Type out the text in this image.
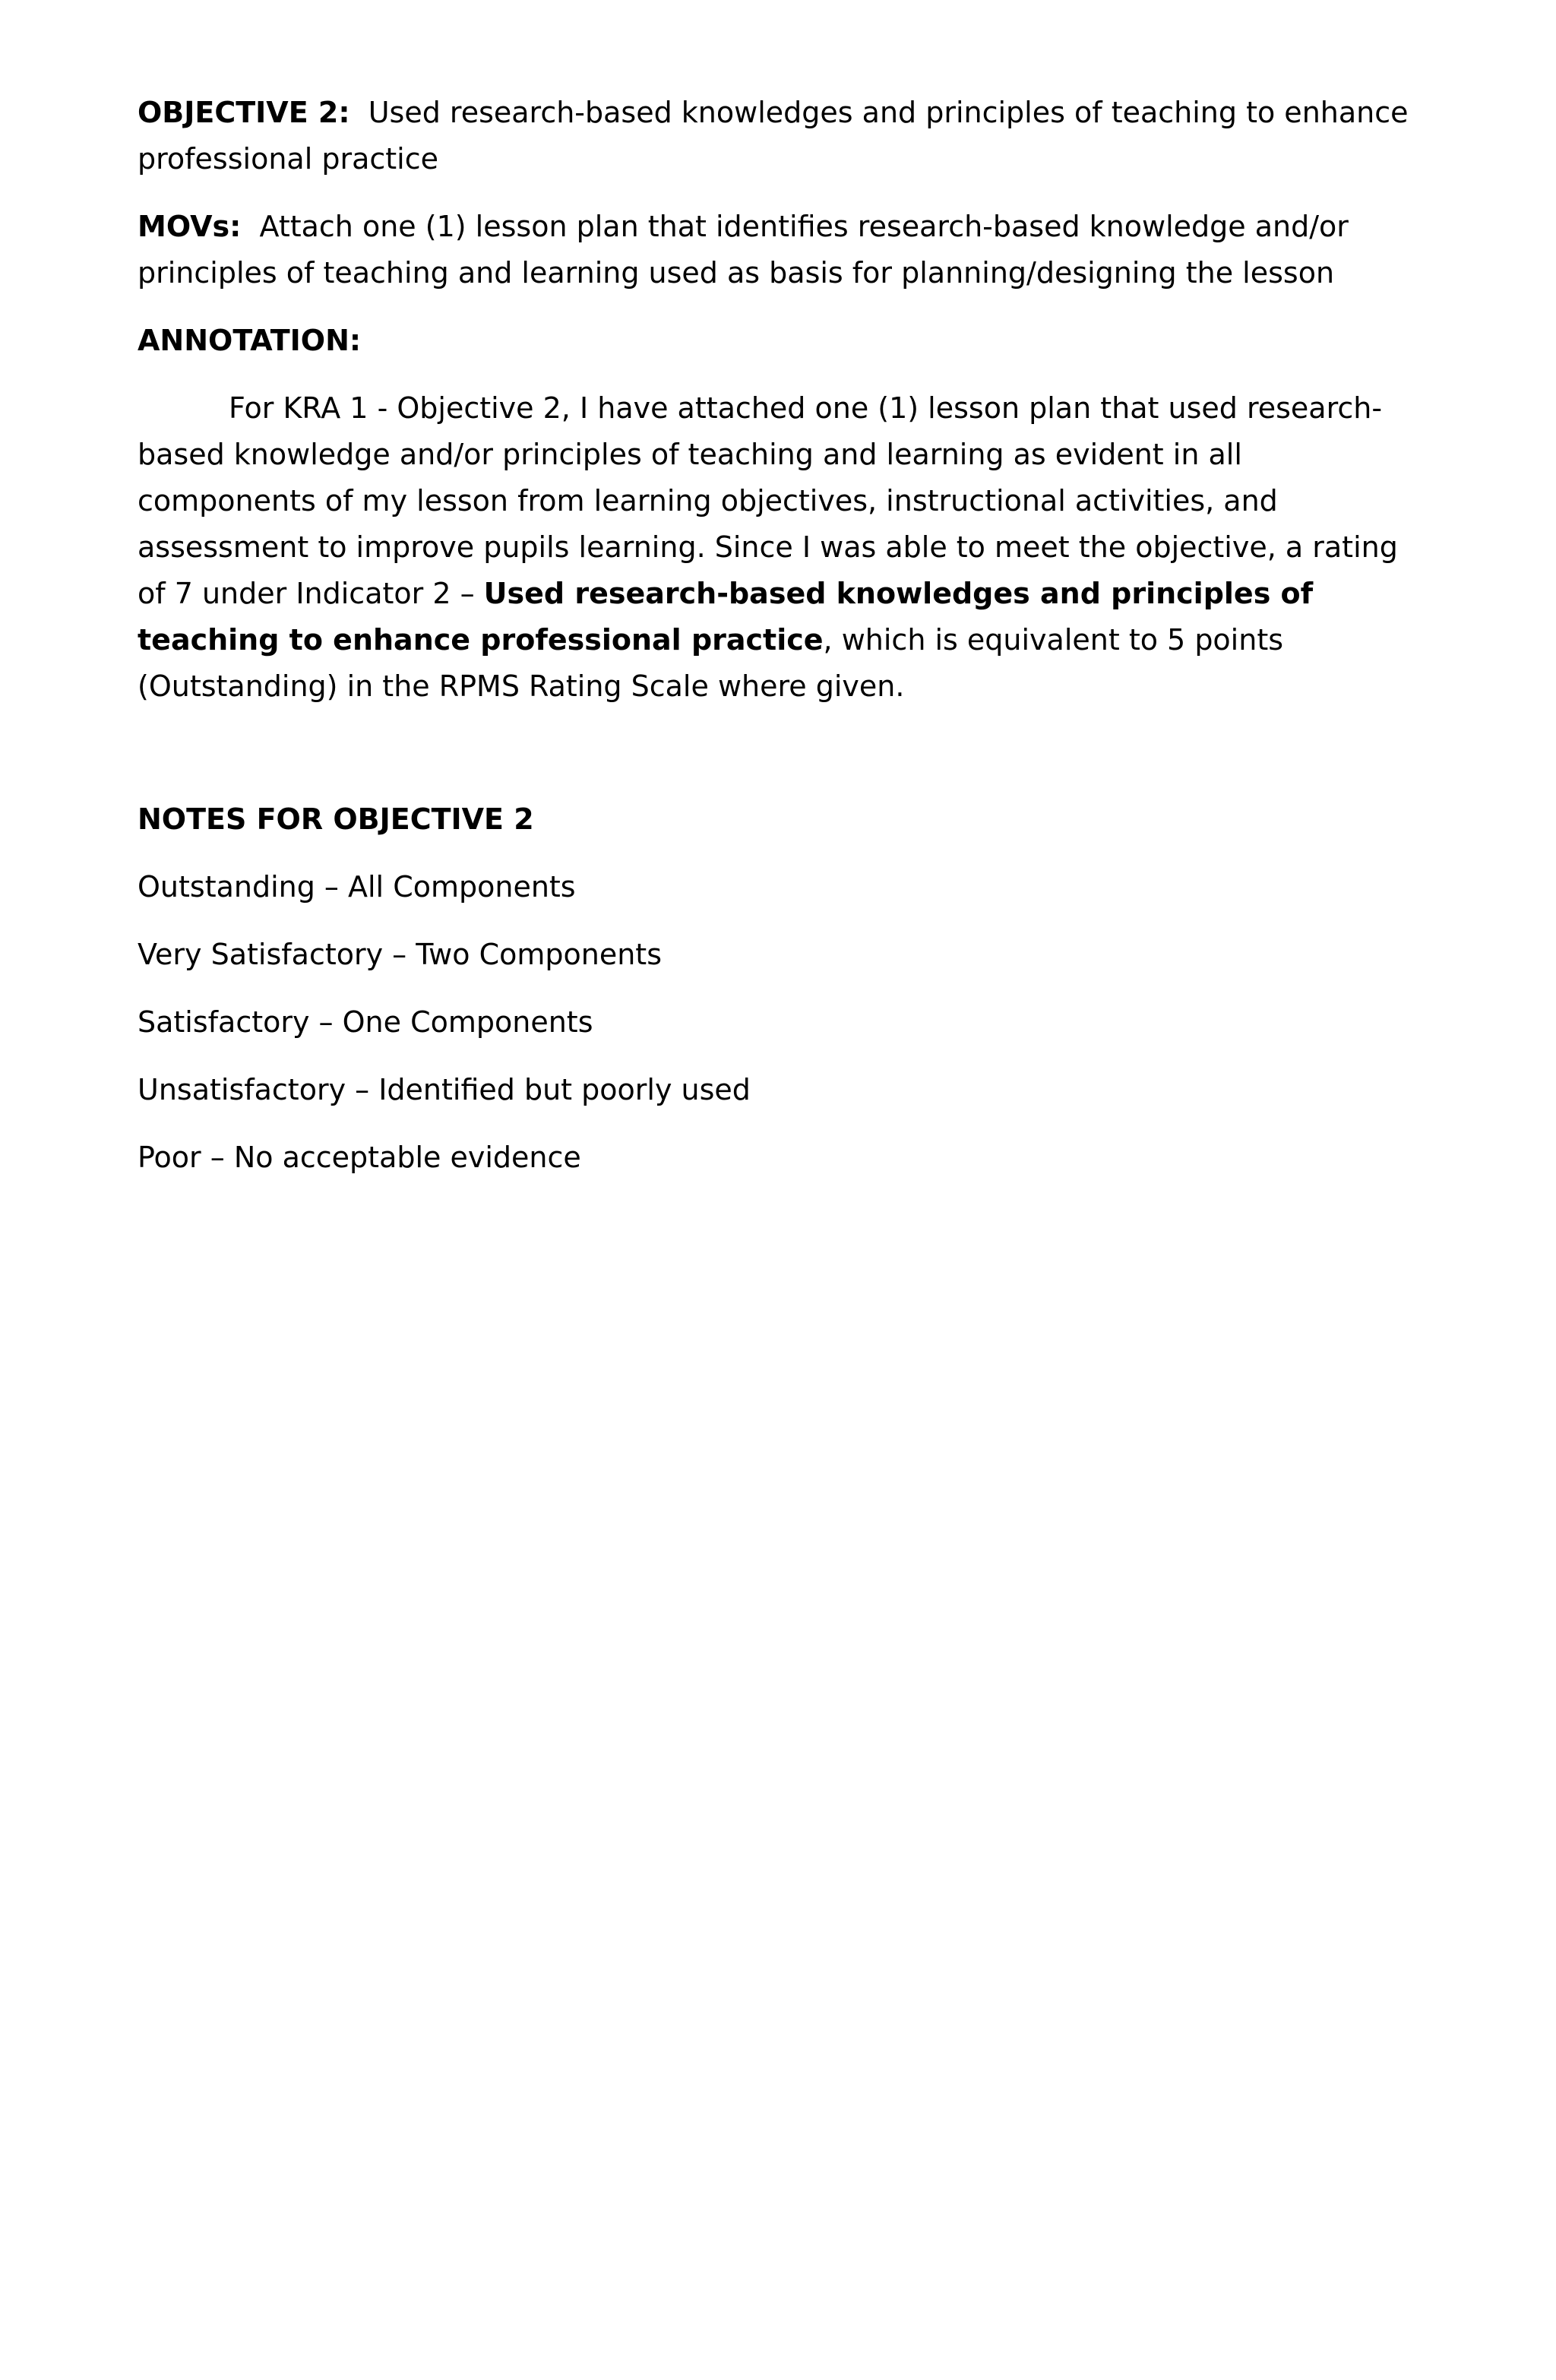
OBJECTIVE 2: Used research-based knowledges and principles of teaching to enhance professional practice

MOVs: Attach one (1) lesson plan that identifies research-based knowledge and/or principles of teaching and learning used as basis for planning/designing the lesson

ANNOTATION:

For KRA 1 - Objective 2, I have attached one (1) lesson plan that used research-based knowledge and/or principles of teaching and learning as evident in all components of my lesson from learning objectives, instructional activities, and assessment to improve pupils learning. Since I was able to meet the objective, a rating of 7 under Indicator 2 – Used research-based knowledges and principles of teaching to enhance professional practice, which is equivalent to 5 points (Outstanding) in the RPMS Rating Scale where given.

NOTES FOR OBJECTIVE 2

Outstanding – All Components
Very Satisfactory – Two Components
Satisfactory – One Components
Unsatisfactory – Identified but poorly used
Poor – No acceptable evidence
